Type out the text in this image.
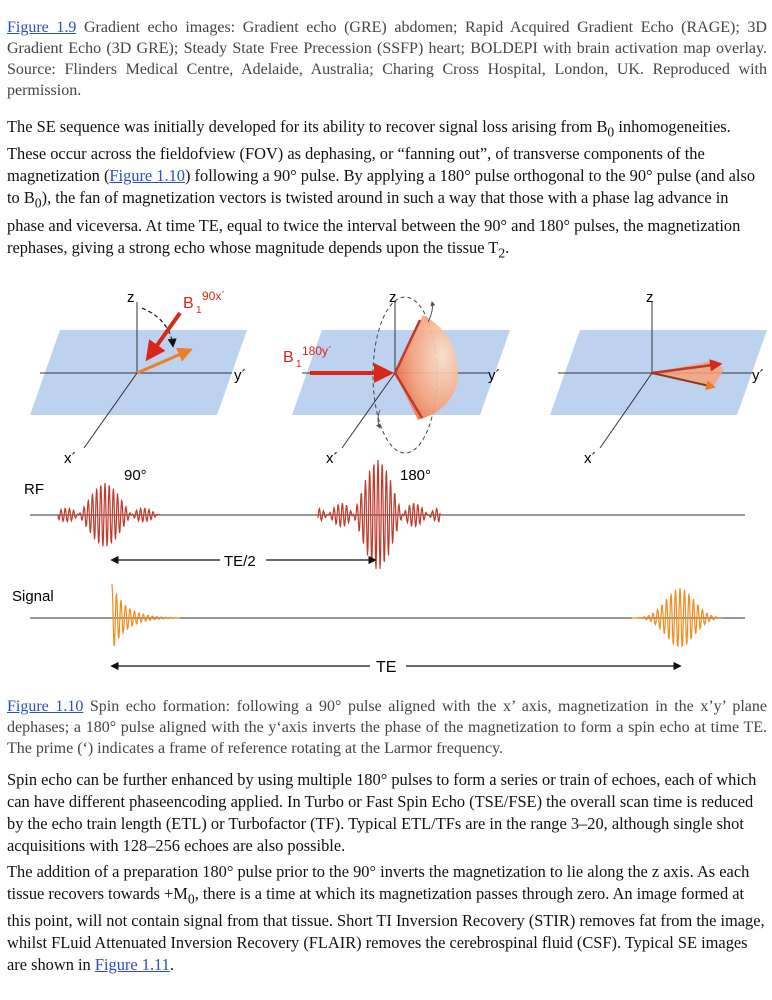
Figure 1.9 Gradient echo images: Gradient echo (GRE) abdomen; Rapid Acquired Gradient Echo (RAGE); 3D Gradient Echo (3D GRE); Steady State Free Precession (SSFP) heart; BOLDEPI with brain activation map overlay. Source: Flinders Medical Centre, Adelaide, Australia; Charing Cross Hospital, London, UK. Reproduced with permission.

The SE sequence was initially developed for its ability to recover signal loss arising from $B_0$ inhomogeneities. These occur across the fieldofview (FOV) as dephasing, or “fanning out”, of transverse components of the magnetization (Figure 1.10) following a 90° pulse. By applying a 180° pulse orthogonal to the 90° pulse (and also to $B_0$), the fan of magnetization vectors is twisted around in such a way that those with a phase lag advance in phase and viceversa. At time TE, equal to twice the interval between the 90° and 180° pulses, the magnetization rephases, giving a strong echo whose magnitude depends upon the tissue $T_2$.

z
y´
x´
B 1
90x´	z
y´
x´
B 1
180y´
z
y´
x´
90°	180°
RF
TE/2
Signal
TE

Figure 1.10 Spin echo formation: following a 90° pulse aligned with the x’ axis, magnetization in the x’y’ plane dephases; a 180° pulse aligned with the y‘axis inverts the phase of the magnetization to form a spin echo at time TE. The prime (‘) indicates a frame of reference rotating at the Larmor frequency.

Spin echo can be further enhanced by using multiple 180° pulses to form a series or train of echoes, each of which can have different phaseencoding applied. In Turbo or Fast Spin Echo (TSE/FSE) the overall scan time is reduced by the echo train length (ETL) or Turbofactor (TF). Typical ETL/TFs are in the range 3–20, although single shot acquisitions with 128–256 echoes are also possible.

The addition of a preparation 180° pulse prior to the 90° inverts the magnetization to lie along the z axis. As each tissue recovers towards $+M_0$, there is a time at which its magnetization passes through zero. An image formed at this point, will not contain signal from that tissue. Short TI Inversion Recovery (STIR) removes fat from the image, whilst FLuid Attenuated Inversion Recovery (FLAIR) removes the cerebrospinal fluid (CSF). Typical SE images are shown in Figure 1.11.
